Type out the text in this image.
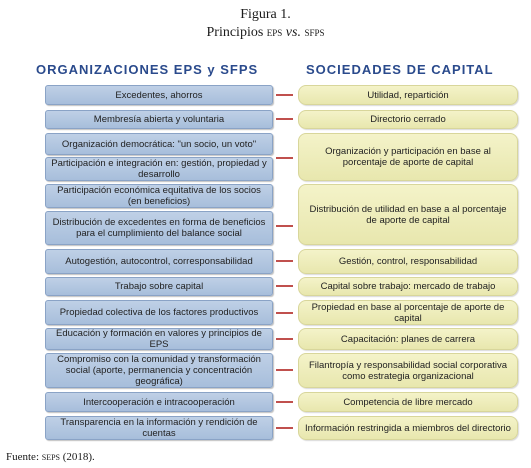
Figura 1.
Principios eps vs. sfps
ORGANIZACIONES EPS y SFPS	SOCIEDADES DE CAPITAL
Excedentes, ahorros
Membresía abierta y voluntaria
Organización democrática: "un socio, un voto"
Participación e integración en: gestión, propiedad y desarrollo
Participación económica equitativa de los socios (en beneficios)
Distribución de excedentes en forma de beneficios para el cumplimiento del balance social
Autogestión, autocontrol, corresponsabilidad
Trabajo sobre capital
Propiedad colectiva de los factores productivos
Educación y formación en valores y principios de EPS
Compromiso con la comunidad y transformación social (aporte, permanencia y concentración geográfica)
Intercooperación e intracooperación
Transparencia en la información y rendición de cuentas
Utilidad, repartición
Directorio cerrado
Organización y participación en base al porcentaje de aporte de capital
Distribución de utilidad en base a al porcentaje de aporte de capital
Gestión, control, responsabilidad
Capital sobre trabajo: mercado de trabajo
Propiedad en base al porcentaje de aporte de capital
Capacitación: planes de carrera
Filantropía y responsabilidad social corporativa como estrategia organizacional
Competencia de libre mercado
Información restringida a miembros del directorio
Fuente: seps (2018).
